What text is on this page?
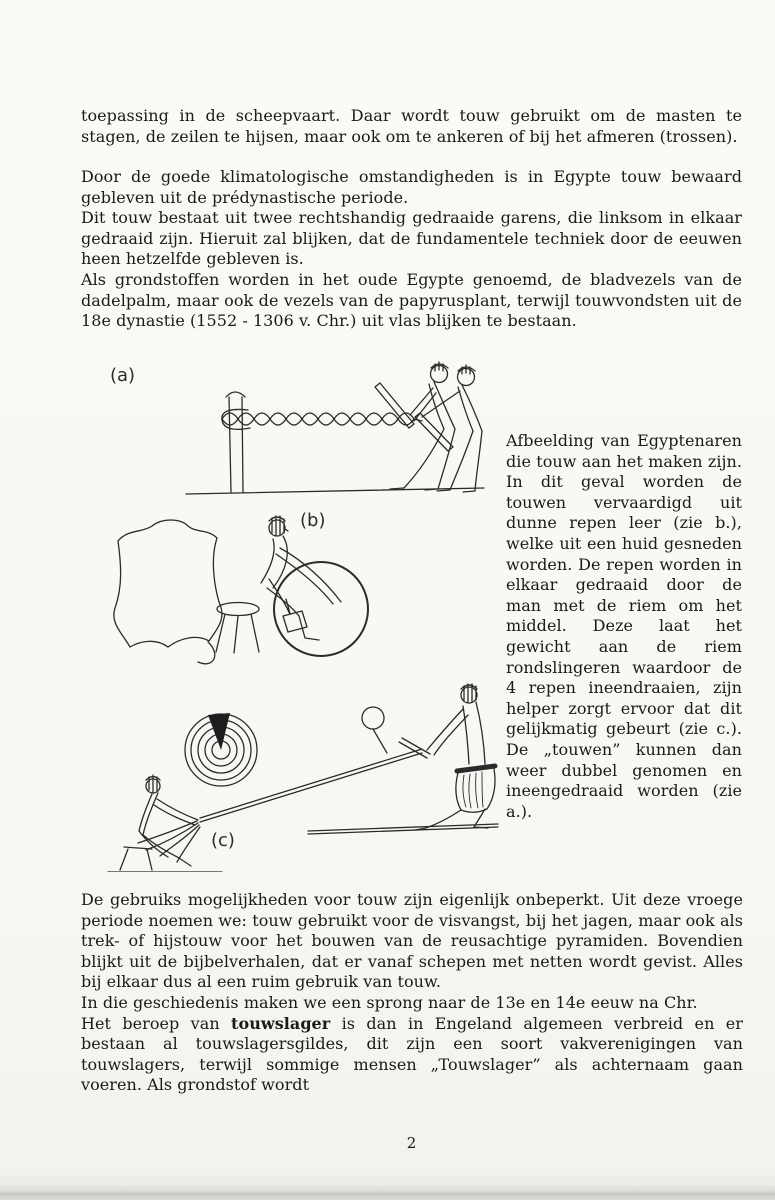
toepassing in de scheepvaart. Daar wordt touw gebruikt om de masten te stagen, de zeilen te hijsen, maar ook om te ankeren of bij het afmeren (trossen).

Door de goede klimatologische omstandigheden is in Egypte touw bewaard gebleven uit de prédynastische periode.

Dit touw bestaat uit twee rechtshandig gedraaide garens, die linksom in elkaar gedraaid zijn. Hieruit zal blijken, dat de fundamentele techniek door de eeuwen heen hetzelfde gebleven is.

Als grondstoffen worden in het oude Egypte genoemd, de bladvezels van de dadelpalm, maar ook de vezels van de papyrusplant, terwijl touwvondsten uit de 18e dynastie (1552 - 1306 v. Chr.) uit vlas blijken te bestaan.

(a)
(b)
(c)
Afbeelding van Egyptenaren die touw aan het maken zijn. In dit geval worden de touwen vervaardigd uit dunne repen leer (zie b.), welke uit een huid gesneden worden. De repen worden in elkaar gedraaid door de man met de riem om het middel. Deze laat het gewicht aan de riem rondslingeren waardoor de 4 repen ineendraaien, zijn helper zorgt ervoor dat dit gelijkmatig gebeurt (zie c.). De „touwen” kunnen dan weer dubbel genomen en ineengedraaid worden (zie a.).

De gebruiks mogelijkheden voor touw zijn eigenlijk onbeperkt. Uit deze vroege periode noemen we: touw gebruikt voor de visvangst, bij het jagen, maar ook als trek- of hijstouw voor het bouwen van de reusachtige pyramiden. Bovendien blijkt uit de bijbelverhalen, dat er vanaf schepen met netten wordt gevist. Alles bij elkaar dus al een ruim gebruik van touw.

In die geschiedenis maken we een sprong naar de 13e en 14e eeuw na Chr.

Het beroep van touwslager is dan in Engeland algemeen verbreid en er bestaan al touwslagersgildes, dit zijn een soort vakverenigingen van touwslagers, terwijl sommige mensen „Touwslager” als achternaam gaan voeren. Als grondstof wordt

2
